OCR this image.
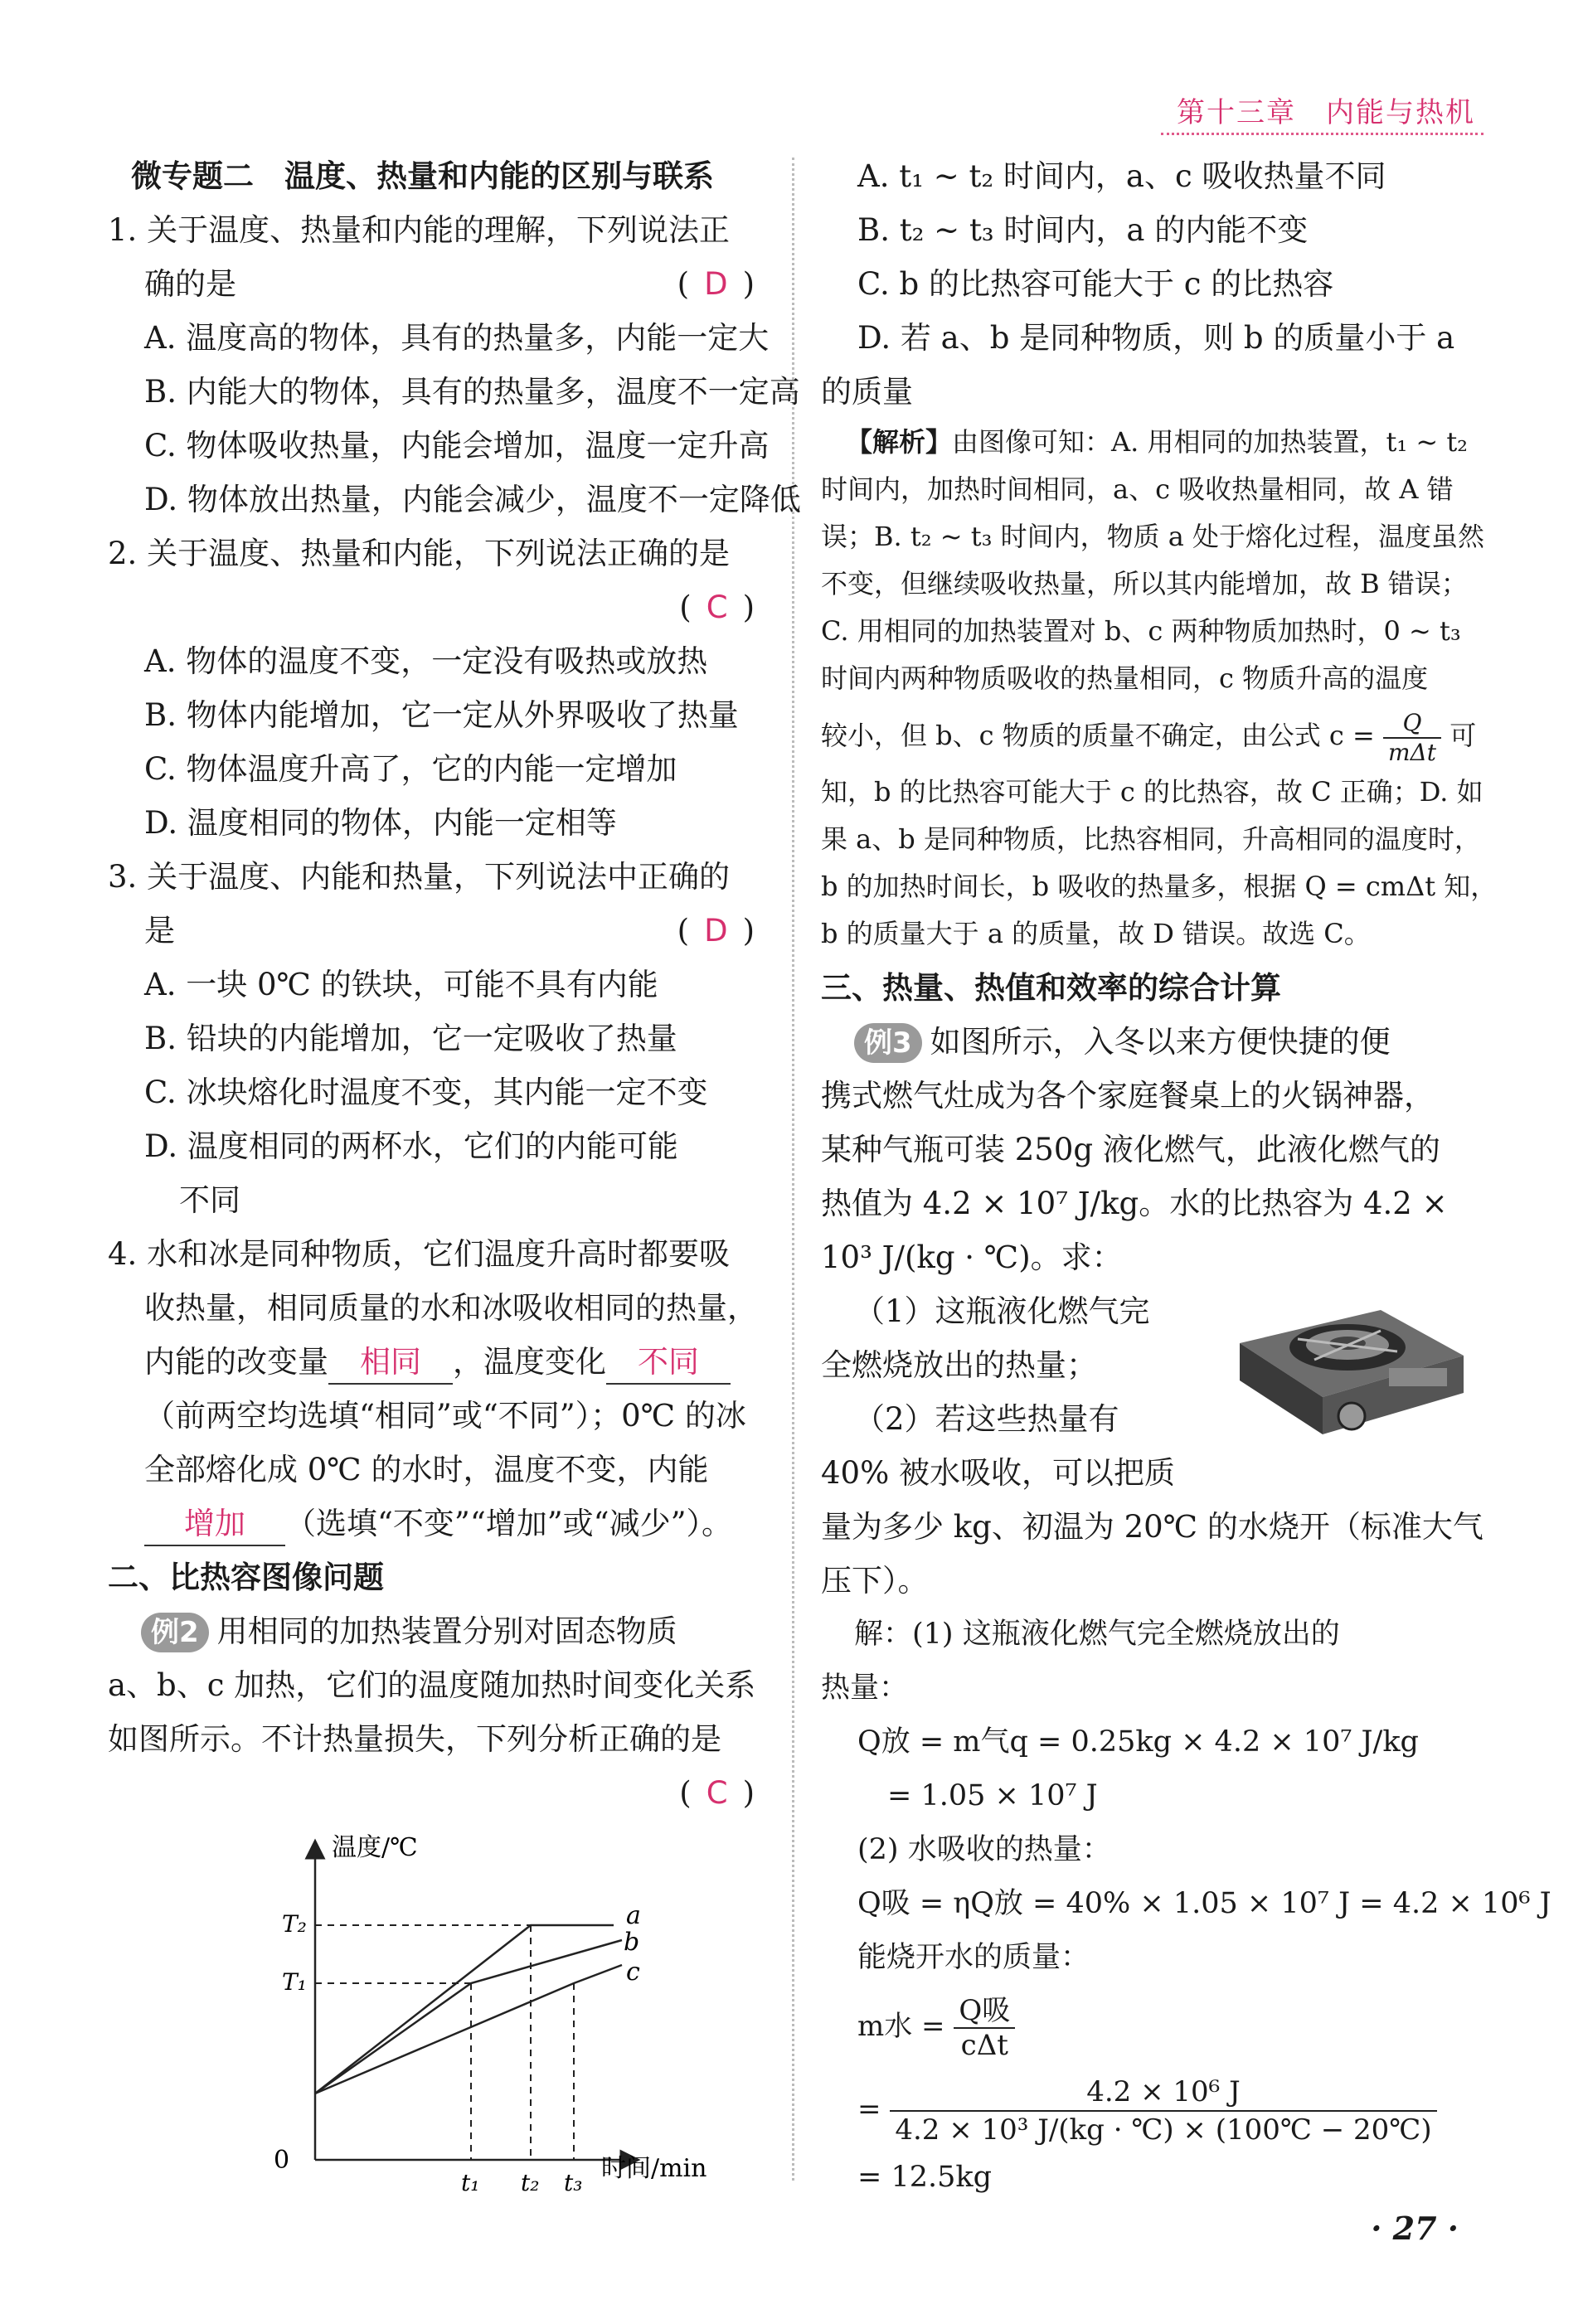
第十三章　内能与热机
微专题二　温度、热量和内能的区别与联系
1. 关于温度、热量和内能的理解，下列说法正
确的是	( D )
A. 温度高的物体，具有的热量多，内能一定大
B. 内能大的物体，具有的热量多，温度不一定高
C. 物体吸收热量，内能会增加，温度一定升高
D. 物体放出热量，内能会减少，温度不一定降低
2. 关于温度、热量和内能，下列说法正确的是
( C )
A. 物体的温度不变，一定没有吸热或放热
B. 物体内能增加，它一定从外界吸收了热量
C. 物体温度升高了，它的内能一定增加
D. 温度相同的物体，内能一定相等
3. 关于温度、内能和热量，下列说法中正确的
是	( D )
A. 一块 0℃ 的铁块，可能不具有内能
B. 铅块的内能增加，它一定吸收了热量
C. 冰块熔化时温度不变，其内能一定不变
D. 温度相同的两杯水，它们的内能可能
不同
4. 水和冰是同种物质，它们温度升高时都要吸
收热量，相同质量的水和冰吸收相同的热量，
内能的改变量 相同 ，温度变化 不同
（前两空均选填“相同”或“不同”）；0℃ 的冰
全部熔化成 0℃ 的水时，温度不变，内能
增加 （选填“不变”“增加”或“减少”）。
二、比热容图像问题
例2 用相同的加热装置分别对固态物质
a、b、c 加热，它们的温度随加热时间变化关系
如图所示。不计热量损失，下列分析正确的是
( C )
温度/℃
时间/min
0
a
b
c
T₂
T₁
t₁ t₂ t₃
A. t₁ ~ t₂ 时间内，a、c 吸收热量不同
B. t₂ ~ t₃ 时间内，a 的内能不变
C. b 的比热容可能大于 c 的比热容
D. 若 a、b 是同种物质，则 b 的质量小于 a
的质量
【解析】由图像可知：A. 用相同的加热装置，t₁ ~ t₂
时间内，加热时间相同，a、c 吸收热量相同，故 A 错
误；B. t₂ ~ t₃ 时间内，物质 a 处于熔化过程，温度虽然
不变，但继续吸收热量，所以其内能增加，故 B 错误；
C. 用相同的加热装置对 b、c 两种物质加热时，0 ~ t₃
时间内两种物质吸收的热量相同，c 物质升高的温度
较小，但 b、c 物质的质量不确定，由公式 $c = \frac{Q}{\text{mΔt}}$ 可
知，b 的比热容可能大于 c 的比热容，故 C 正确；D. 如
果 a、b 是同种物质，比热容相同，升高相同的温度时，
b 的加热时间长，b 吸收的热量多，根据 Q = cmΔt 知，
b 的质量大于 a 的质量，故 D 错误。故选 C。
三、热量、热值和效率的综合计算
例3 如图所示，入冬以来方便快捷的便
携式燃气灶成为各个家庭餐桌上的火锅神器，
某种气瓶可装 250g 液化燃气，此液化燃气的
热值为 4.2 × 10⁷ J/kg。水的比热容为 4.2 ×
10³ J/(kg · ℃)。求：
（1）这瓶液化燃气完
全燃烧放出的热量；
（2）若这些热量有
40% 被水吸收，可以把质
量为多少 kg、初温为 20℃ 的水烧开（标准大气
压下）。
解：(1) 这瓶液化燃气完全燃烧放出的
热量：
Q放 = m气q = 0.25kg × 4.2 × 10⁷ J/kg
= 1.05 × 10⁷ J
(2) 水吸收的热量：
Q吸 = ηQ放 = 40% × 1.05 × 10⁷ J = 4.2 × 10⁶ J
能烧开水的质量：
m水 = $\frac{\text{Q吸}}{\text{cΔt}}$
= $\frac{\text{4.2 × 10⁶ J}}{\text{4.2 × 10³ J/(kg · ℃) × (100℃ − 20℃)}}$
= 12.5kg
· 27 ·
